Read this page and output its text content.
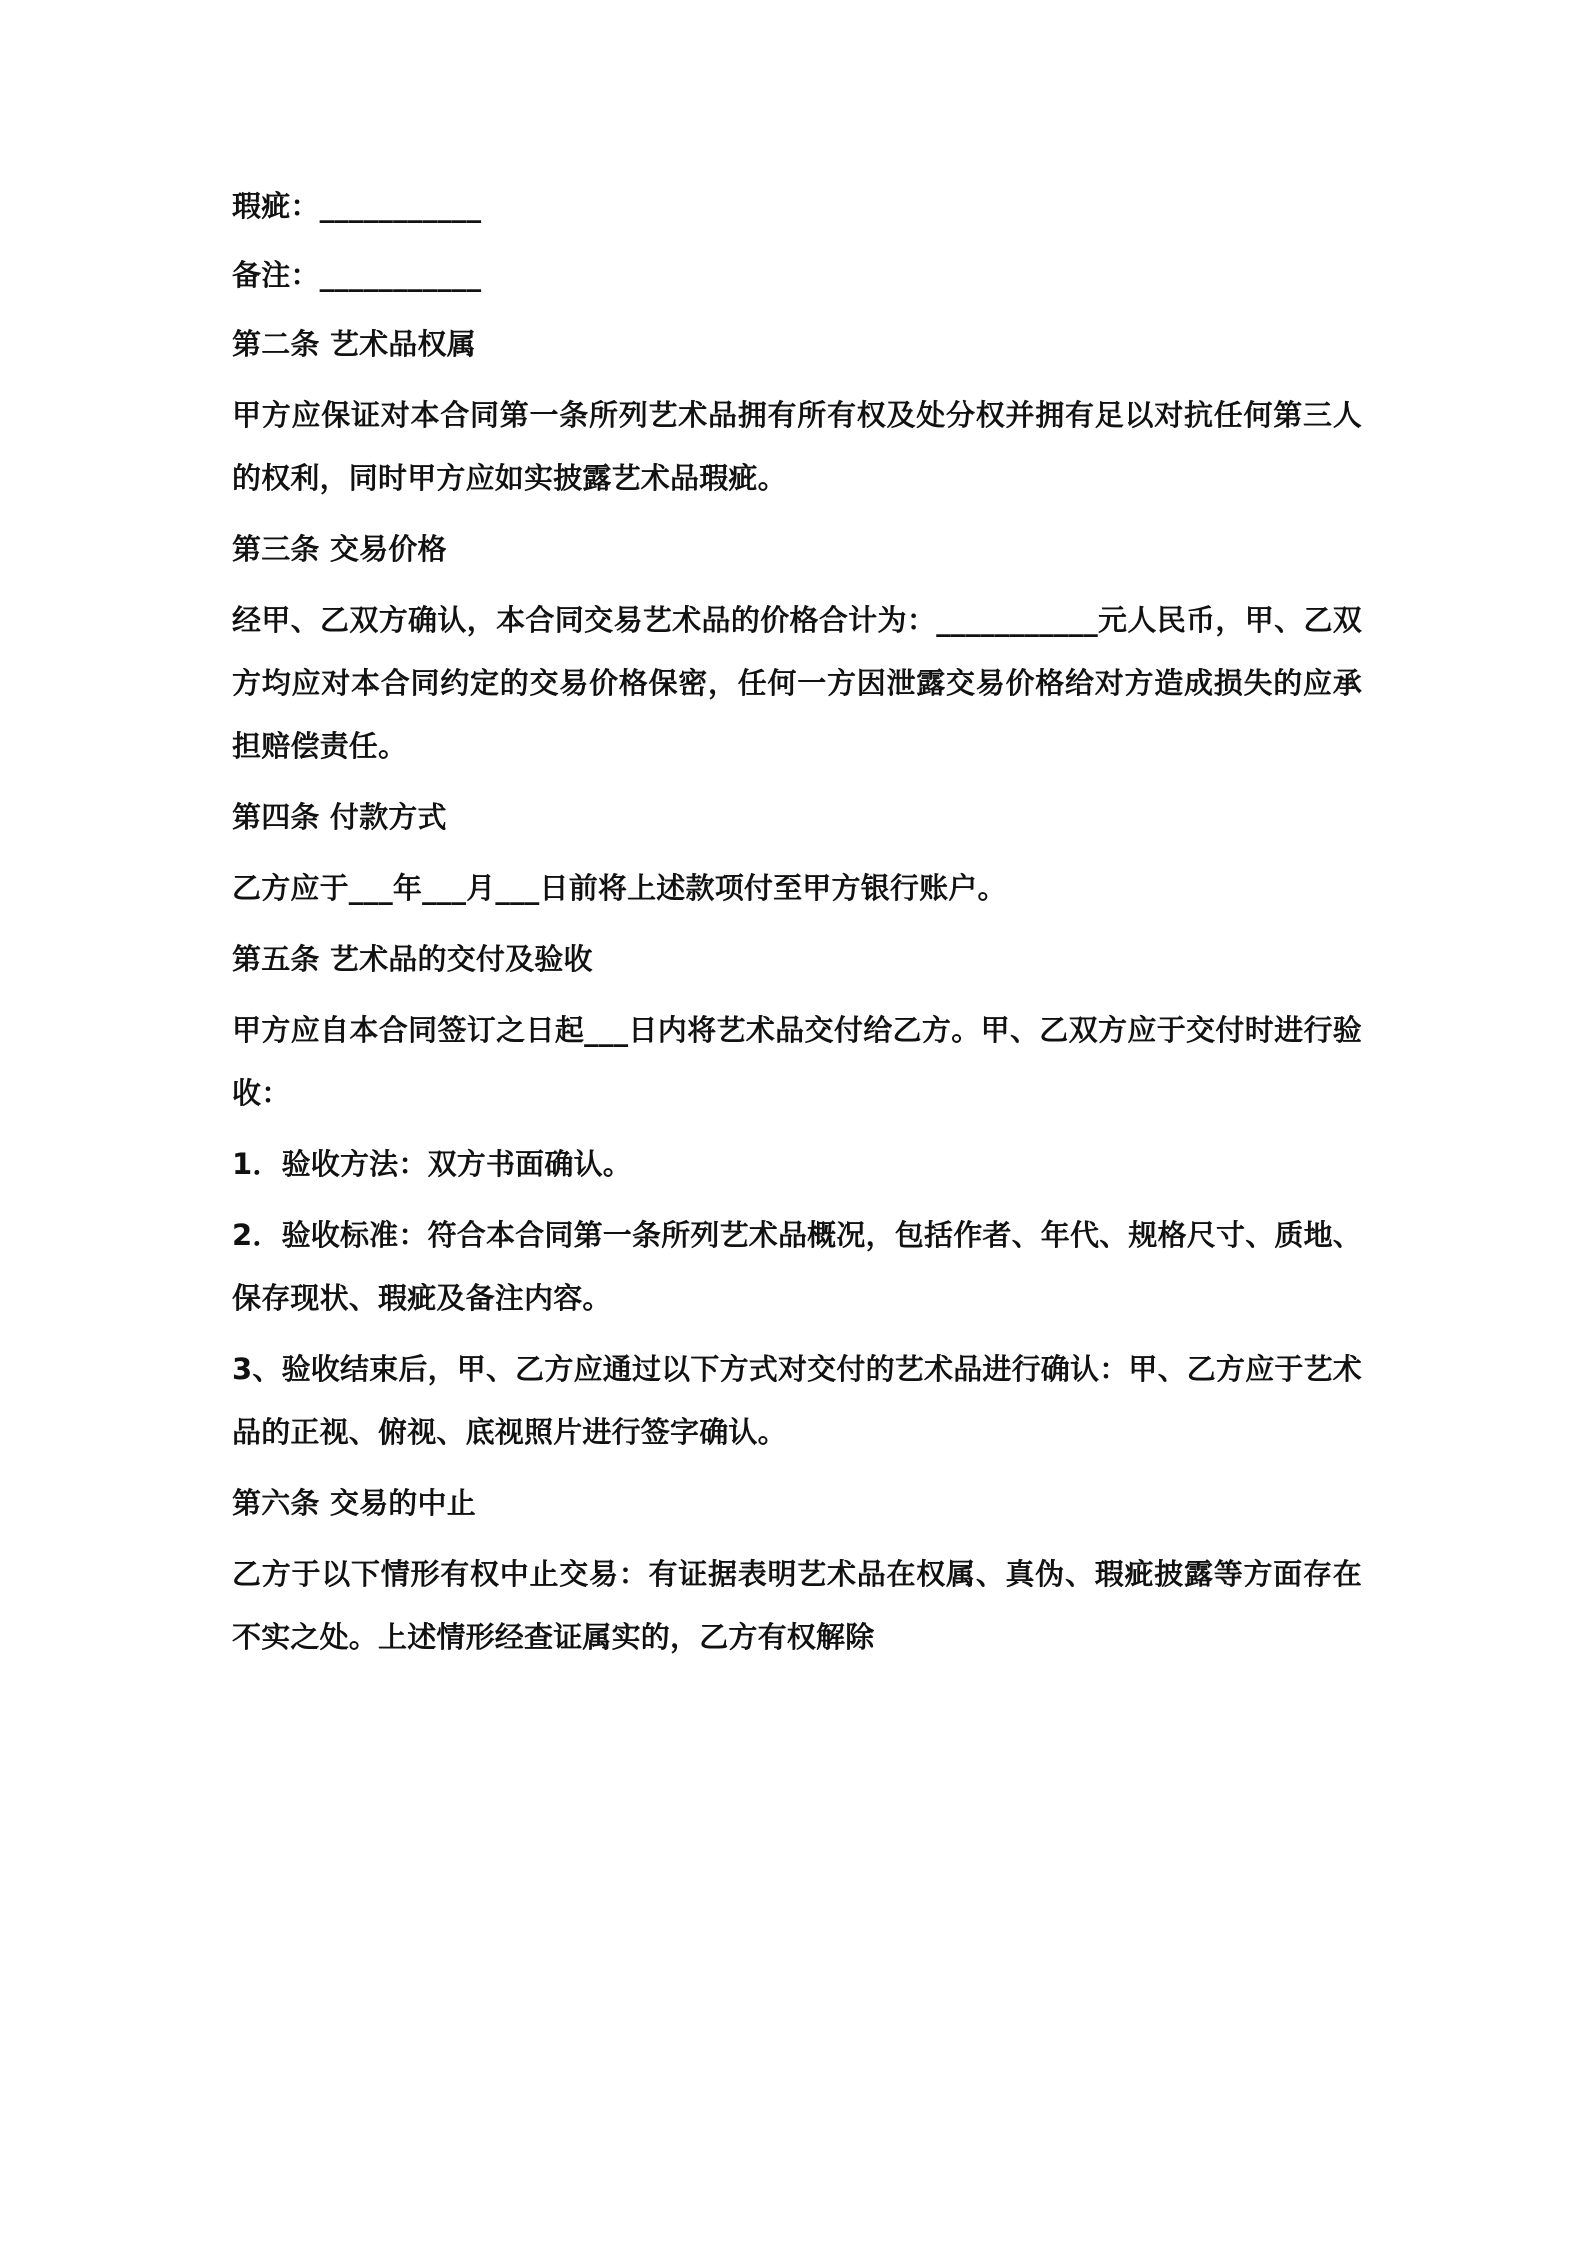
瑕疵：___________

备注：___________

第二条 艺术品权属

甲方应保证对本合同第一条所列艺术品拥有所有权及处分权并拥有足以对抗任何第三人的权利，同时甲方应如实披露艺术品瑕疵。

第三条 交易价格

经甲、乙双方确认，本合同交易艺术品的价格合计为：___________元人民币，甲、乙双方均应对本合同约定的交易价格保密，任何一方因泄露交易价格给对方造成损失的应承担赔偿责任。

第四条 付款方式

乙方应于___年___月___日前将上述款项付至甲方银行账户。

第五条 艺术品的交付及验收

甲方应自本合同签订之日起___日内将艺术品交付给乙方。甲、乙双方应于交付时进行验收：

1．验收方法：双方书面确认。

2．验收标准：符合本合同第一条所列艺术品概况，包括作者、年代、规格尺寸、质地、保存现状、瑕疵及备注内容。

3、验收结束后，甲、乙方应通过以下方式对交付的艺术品进行确认：甲、乙方应于艺术品的正视、俯视、底视照片进行签字确认。

第六条 交易的中止

乙方于以下情形有权中止交易：有证据表明艺术品在权属、真伪、瑕疵披露等方面存在不实之处。上述情形经查证属实的，乙方有权解除
